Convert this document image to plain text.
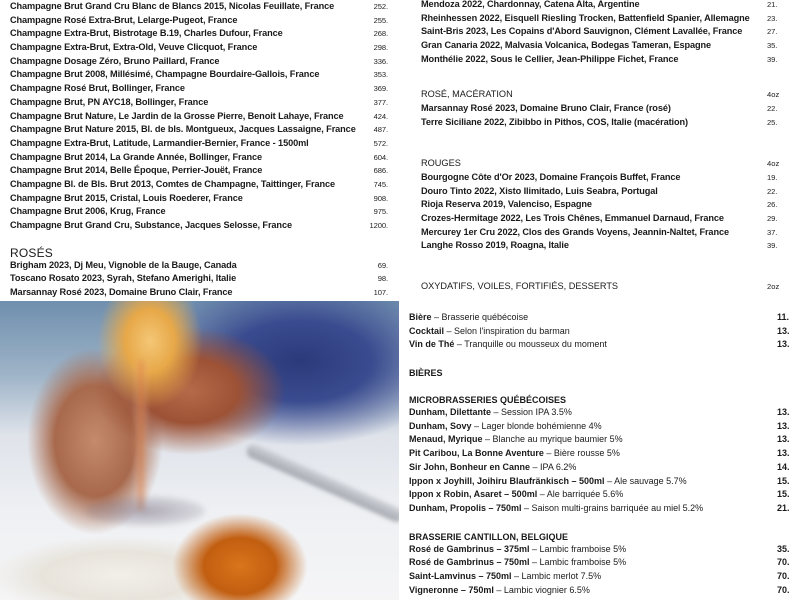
Champagne Brut Grand Cru Blanc de Blancs 2015, Nicolas Feuillate, France	252.
Champagne Rosé Extra-Brut, Lelarge-Pugeot, France	255.
Champagne Extra-Brut, Bistrotage B.19, Charles Dufour, France	268.
Champagne Extra-Brut, Extra-Old, Veuve Clicquot, France	298.
Champagne Dosage Zéro, Bruno Paillard, France	336.
Champagne Brut 2008, Millésimé, Champagne Bourdaire-Gallois, France	353.
Champagne Rosé Brut, Bollinger, France	369.
Champagne Brut, PN AYC18, Bollinger, France	377.
Champagne Brut Nature, Le Jardin de la Grosse Pierre, Benoit Lahaye, France	424.
Champagne Brut Nature 2015, Bl. de bls. Montgueux, Jacques Lassaigne, France	487.
Champagne Extra-Brut, Latitude, Larmandier-Bernier, France - 1500ml	572.
Champagne Brut 2014, La Grande Année, Bollinger, France	604.
Champagne Brut 2014, Belle Époque, Perrier-Jouët, France	686.
Champagne Bl. de Bls. Brut 2013, Comtes de Champagne, Taittinger, France	745.
Champagne Brut 2015, Cristal, Louis Roederer, France	908.
Champagne Brut 2006, Krug, France	975.
Champagne Brut Grand Cru, Substance, Jacques Selosse, France	1200.
ROSÉS
Brigham 2023, Dj Meu, Vignoble de la Bauge, Canada	69.
Toscano Rosato 2023, Syrah, Stefano Amerighi, Italie	98.
Marsannay Rosé 2023, Domaine Bruno Clair, France	107.
Mendoza 2022, Chardonnay, Catena Alta, Argentine	21.
Rheinhessen 2022, Eisquell Riesling Trocken, Battenfield Spanier, Allemagne 23.
Saint-Bris 2023, Les Copains d'Abord Sauvignon, Clément Lavallée, France	27.
Gran Canaria 2022, Malvasia Volcanica, Bodegas Tameran, Espagne	35.
Monthélie 2022, Sous le Cellier, Jean-Philippe Fichet, France	39.
ROSÉ, MACÉRATION	4oz
Marsannay Rosé 2023, Domaine Bruno Clair, France (rosé)	22.
Terre Siciliane 2022, Zibibbo in Pithos, COS, Italie (macération)	25.
ROUGES	4oz
Bourgogne Côte d'Or 2023, Domaine François Buffet, France	19.
Douro Tinto 2022, Xisto Ilimitado, Luis Seabra, Portugal	22.
Rioja Reserva 2019, Valenciso, Espagne	26.
Crozes-Hermitage 2022, Les Trois Chênes, Emmanuel Darnaud, France	29.
Mercurey 1er Cru 2022, Clos des Grands Voyens, Jeannin-Naltet, France	37.
Langhe Rosso 2019, Roagna, Italie	39.
OXYDATIFS, VOILES, FORTIFIÉS, DESSERTS	2oz
Bière – Brasserie québécoise	11.
Cocktail – Selon l'inspiration du barman	13.
Vin de Thé – Tranquille ou mousseux du moment	13.
BIÈRES
MICROBRASSERIES QUÉBÉCOISES
Dunham, Dilettante – Session IPA 3.5%	13.
Dunham, Sovy – Lager blonde bohémienne 4%	13.
Menaud, Myrique – Blanche au myrique baumier 5%	13.
Pit Caribou, La Bonne Aventure – Bière rousse 5%	13.
Sir John, Bonheur en Canne – IPA 6.2%	14.
Ippon x Joyhill, Joihiru Blaufränkisch – 500ml – Ale sauvage 5.7%	15.
Ippon x Robin, Asaret – 500ml – Ale barriquée 5.6%	15.
Dunham, Propolis – 750ml – Saison multi-grains barriquée au miel 5.2%	21.
BRASSERIE CANTILLON, BELGIQUE
Rosé de Gambrinus – 375ml – Lambic framboise 5%	35.
Rosé de Gambrinus – 750ml – Lambic framboise 5%	70.
Saint-Lamvinus – 750ml – Lambic merlot 7.5%	70.
Vigneronne – 750ml – Lambic viognier 6.5%	70.
